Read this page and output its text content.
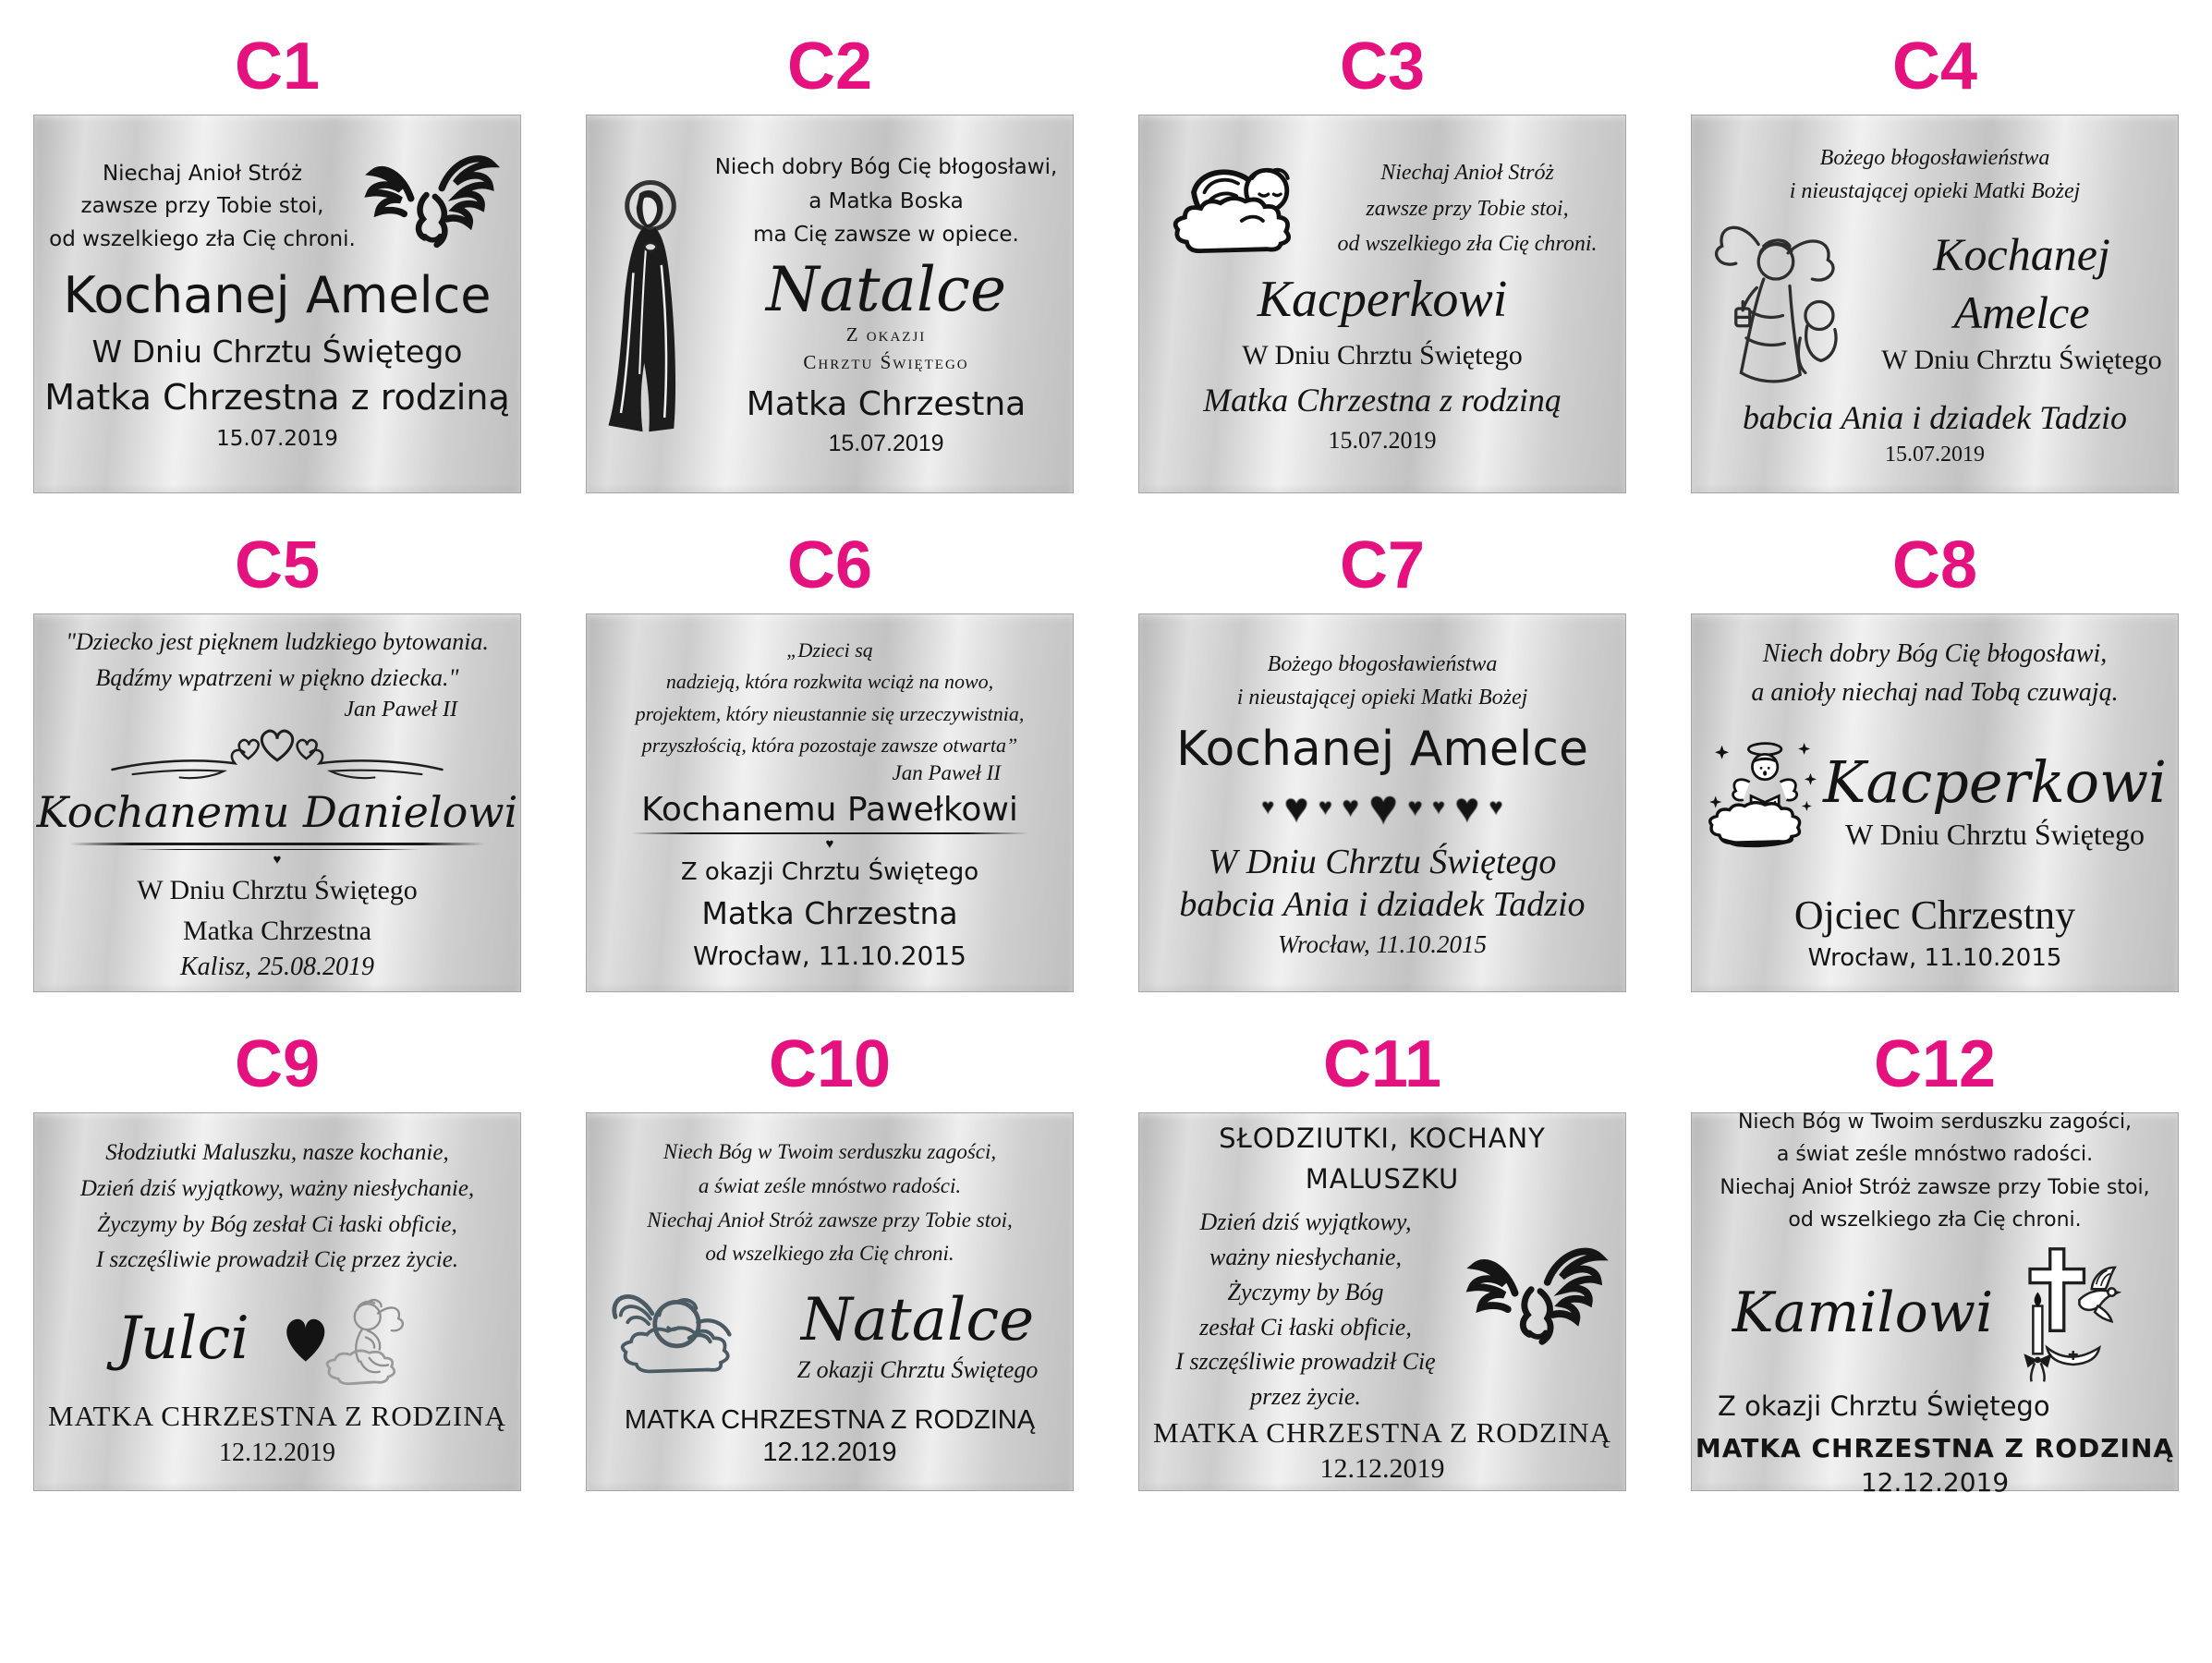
C1
Niechaj Anioł Stróż
zawsze przy Tobie stoi,
od wszelkiego zła Cię chroni.
Kochanej Amelce
W Dniu Chrztu Świętego
Matka Chrzestna z rodziną
15.07.2019
C2
Niech dobry Bóg Cię błogosławi,
a Matka Boska
ma Cię zawsze w opiece.
Natalce
Z okazji
Chrztu Świętego
Matka Chrzestna
15.07.2019
C3
Niechaj Anioł Stróż
zawsze przy Tobie stoi,
od wszelkiego zła Cię chroni.
Kacperkowi
W Dniu Chrztu Świętego
Matka Chrzestna z rodziną
15.07.2019
C4
Bożego błogosławieństwa
i nieustającej opieki Matki Bożej
Kochanej
Amelce
W Dniu Chrztu Świętego
babcia Ania i dziadek Tadzio
15.07.2019
C5
"Dziecko jest pięknem ludzkiego bytowania.
Bądźmy wpatrzeni w piękno dziecka."
Jan Paweł II
Kochanemu Danielowi
♥
W Dniu Chrztu Świętego
Matka Chrzestna
Kalisz, 25.08.2019
C6
„Dzieci są
nadzieją, która rozkwita wciąż na nowo,
projektem, który nieustannie się urzeczywistnia,
przyszłością, która pozostaje zawsze otwarta”
Jan Paweł II
Kochanemu Pawełkowi
♥
Z okazji Chrztu Świętego
Matka Chrzestna
Wrocław, 11.10.2015
C7
Bożego błogosławieństwa
i nieustającej opieki Matki Bożej
Kochanej Amelce
♥ ♥ ♥ ♥ ♥ ♥ ♥ ♥ ♥
W Dniu Chrztu Świętego
babcia Ania i dziadek Tadzio
Wrocław, 11.10.2015
C8
Niech dobry Bóg Cię błogosławi,
a anioły niechaj nad Tobą czuwają.
Kacperkowi
W Dniu Chrztu Świętego
Ojciec Chrzestny
Wrocław, 11.10.2015
C9
Słodziutki Maluszku, nasze kochanie,
Dzień dziś wyjątkowy, ważny niesłychanie,
Życzymy by Bóg zesłał Ci łaski obficie,
I szczęśliwie prowadził Cię przez życie.
Julci
MATKA CHRZESTNA Z RODZINĄ
12.12.2019
C10
Niech Bóg w Twoim serduszku zagości,
a świat ześle mnóstwo radości.
Niechaj Anioł Stróż zawsze przy Tobie stoi,
od wszelkiego zła Cię chroni.
Natalce
Z okazji Chrztu Świętego
MATKA CHRZESTNA Z RODZINĄ
12.12.2019
C11
SŁODZIUTKI, KOCHANY
MALUSZKU
Dzień dziś wyjątkowy,
ważny niesłychanie,
Życzymy by Bóg
zesłał Ci łaski obficie,
I szczęśliwie prowadził Cię
przez życie.
MATKA CHRZESTNA Z RODZINĄ
12.12.2019
C12
Niech Bóg w Twoim serduszku zagości,
a świat ześle mnóstwo radości.
Niechaj Anioł Stróż zawsze przy Tobie stoi,
od wszelkiego zła Cię chroni.
Kamilowi
Z okazji Chrztu Świętego
MATKA CHRZESTNA Z RODZINĄ
12.12.2019
